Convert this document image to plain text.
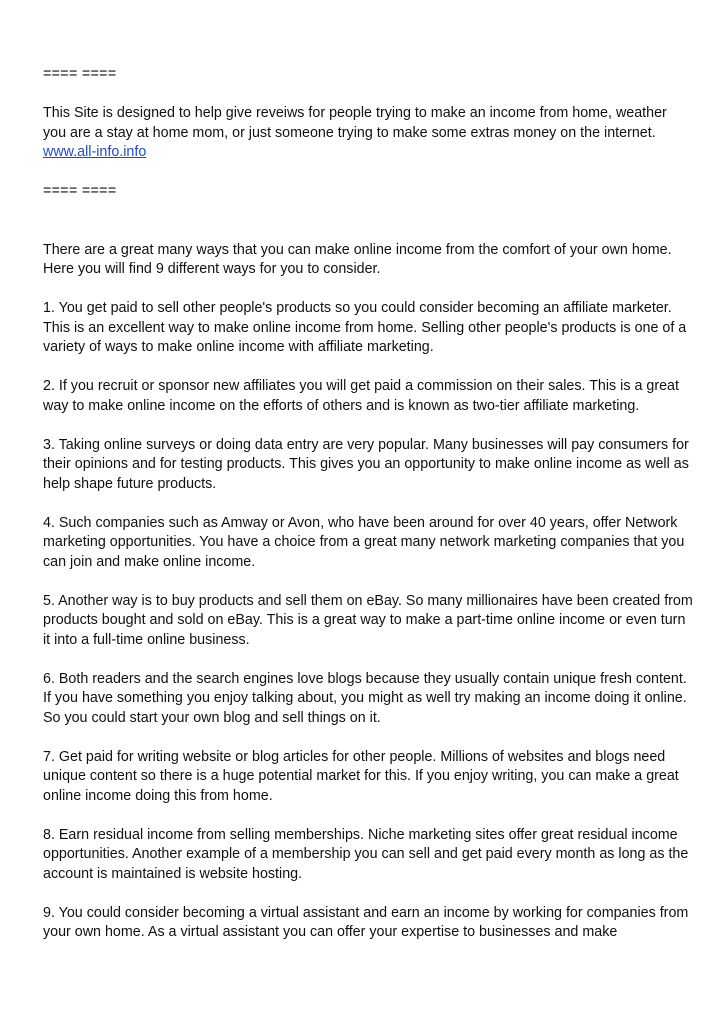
==== ====

This Site is designed to help give reveiws for people trying to make an income from home, weather you are a stay at home mom, or just someone trying to make some extras money on the internet.

www.all-info.info
==== ====

There are a great many ways that you can make online income from the comfort of your own home. Here you will find 9 different ways for you to consider.

1. You get paid to sell other people's products so you could consider becoming an affiliate marketer. This is an excellent way to make online income from home. Selling other people's products is one of a variety of ways to make online income with affiliate marketing.

2. If you recruit or sponsor new affiliates you will get paid a commission on their sales. This is a great way to make online income on the efforts of others and is known as two-tier affiliate marketing.

3. Taking online surveys or doing data entry are very popular. Many businesses will pay consumers for their opinions and for testing products. This gives you an opportunity to make online income as well as help shape future products.

4. Such companies such as Amway or Avon, who have been around for over 40 years, offer Network marketing opportunities. You have a choice from a great many network marketing companies that you can join and make online income.

5. Another way is to buy products and sell them on eBay. So many millionaires have been created from products bought and sold on eBay. This is a great way to make a part-time online income or even turn it into a full-time online business.

6. Both readers and the search engines love blogs because they usually contain unique fresh content. If you have something you enjoy talking about, you might as well try making an income doing it online. So you could start your own blog and sell things on it.

7. Get paid for writing website or blog articles for other people. Millions of websites and blogs need unique content so there is a huge potential market for this. If you enjoy writing, you can make a great online income doing this from home.

8. Earn residual income from selling memberships. Niche marketing sites offer great residual income opportunities. Another example of a membership you can sell and get paid every month as long as the account is maintained is website hosting.

9. You could consider becoming a virtual assistant and earn an income by working for companies from your own home. As a virtual assistant you can offer your expertise to businesses and make
